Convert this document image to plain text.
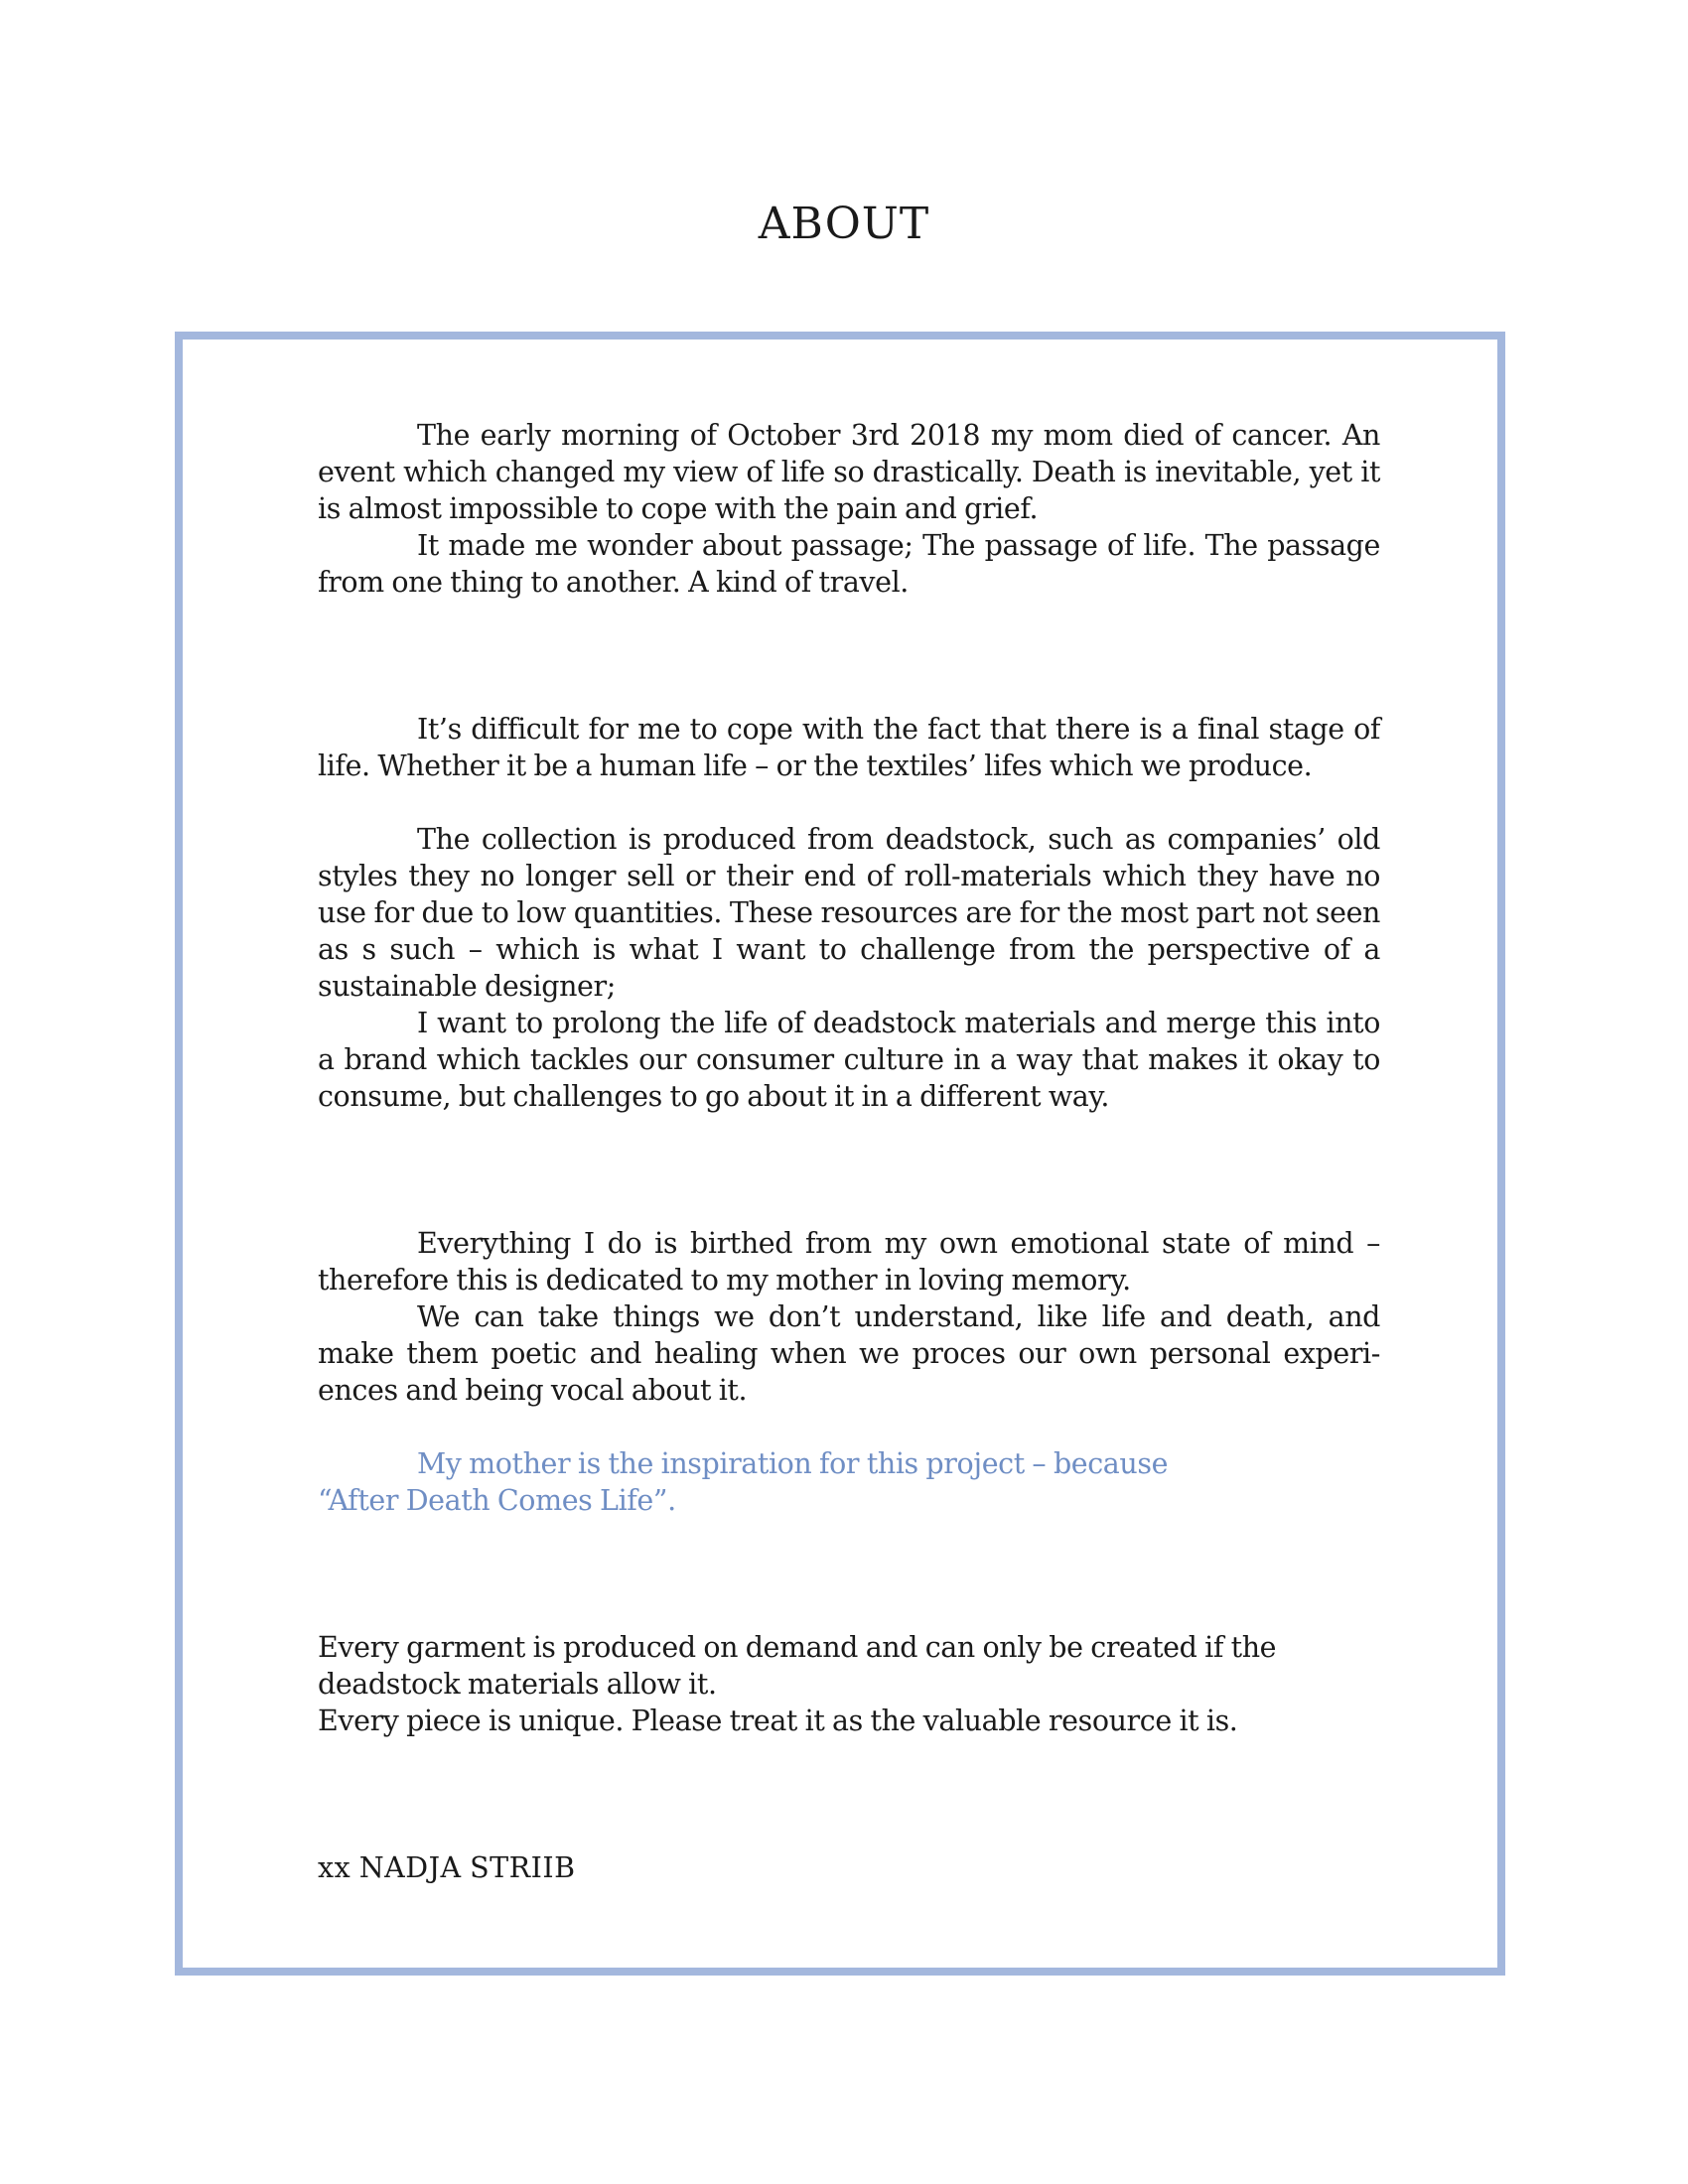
ABOUT

The early morning of October 3rd 2018 my mom died of cancer. An event which changed my view of life so drastically. Death is inevitable, yet it is almost impossible to cope with the pain and grief.

It made me wonder about passage; The passage of life. The passage from one thing to another. A kind of travel.

It’s difficult for me to cope with the fact that there is a final stage of life. Whether it be a human life – or the textiles’ lifes which we produce.

The collection is produced from deadstock, such as companies’ old styles they no longer sell or their end of roll-materials which they have no use for due to low quantities. These resources are for the most part not seen as s such – which is what I want to challenge from the perspective of a sustainable designer;

I want to prolong the life of deadstock materials and merge this into a brand which tackles our consumer culture in a way that makes it okay to consume, but challenges to go about it in a different way.

Everything I do is birthed from my own emotional state of mind – therefore this is dedicated to my mother in loving memory.

We can take things we don’t understand, like life and death, and make them poetic and healing when we proces our own personal experi-ences and being vocal about it.

My mother is the inspiration for this project – because

“After Death Comes Life”.

Every garment is produced on demand and can only be created if the

deadstock materials allow it.

Every piece is unique. Please treat it as the valuable resource it is.

xx NADJA STRIIB
